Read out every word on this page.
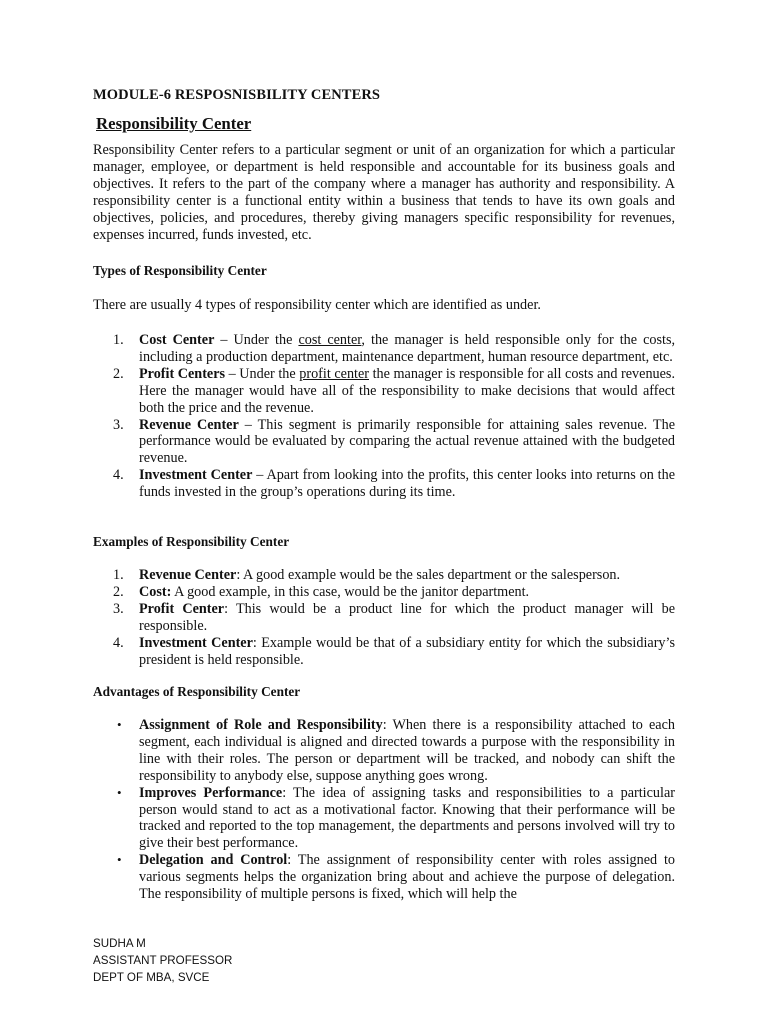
MODULE-6 RESPOSNISBILITY CENTERS
Responsibility Center

Responsibility Center refers to a particular segment or unit of an organization for which a particular manager, employee, or department is held responsible and accountable for its business goals and objectives. It refers to the part of the company where a manager has authority and responsibility. A responsibility center is a functional entity within a business that tends to have its own goals and objectives, policies, and procedures, thereby giving managers specific responsibility for revenues, expenses incurred, funds invested, etc.

Types of Responsibility Center
There are usually 4 types of responsibility center which are identified as under.
1. Cost Center – Under the cost center, the manager is held responsible only for the costs, including a production department, maintenance department, human resource department, etc.
2. Profit Centers – Under the profit center the manager is responsible for all costs and revenues. Here the manager would have all of the responsibility to make decisions that would affect both the price and the revenue.
3. Revenue Center – This segment is primarily responsible for attaining sales revenue. The performance would be evaluated by comparing the actual revenue attained with the budgeted revenue.
4. Investment Center – Apart from looking into the profits, this center looks into returns on the funds invested in the group’s operations during its time.
Examples of Responsibility Center
1. Revenue Center: A good example would be the sales department or the salesperson.
2. Cost: A good example, in this case, would be the janitor department.
3. Profit Center: This would be a product line for which the product manager will be responsible.
4. Investment Center: Example would be that of a subsidiary entity for which the subsidiary’s president is held responsible.
Advantages of Responsibility Center
• Assignment of Role and Responsibility: When there is a responsibility attached to each segment, each individual is aligned and directed towards a purpose with the responsibility in line with their roles. The person or department will be tracked, and nobody can shift the responsibility to anybody else, suppose anything goes wrong.
• Improves Performance: The idea of assigning tasks and responsibilities to a particular person would stand to act as a motivational factor. Knowing that their performance will be tracked and reported to the top management, the departments and persons involved will try to give their best performance.
• Delegation and Control: The assignment of responsibility center with roles assigned to various segments helps the organization bring about and achieve the purpose of delegation. The responsibility of multiple persons is fixed, which will help the
SUDHA M
ASSISTANT PROFESSOR
DEPT OF MBA, SVCE
